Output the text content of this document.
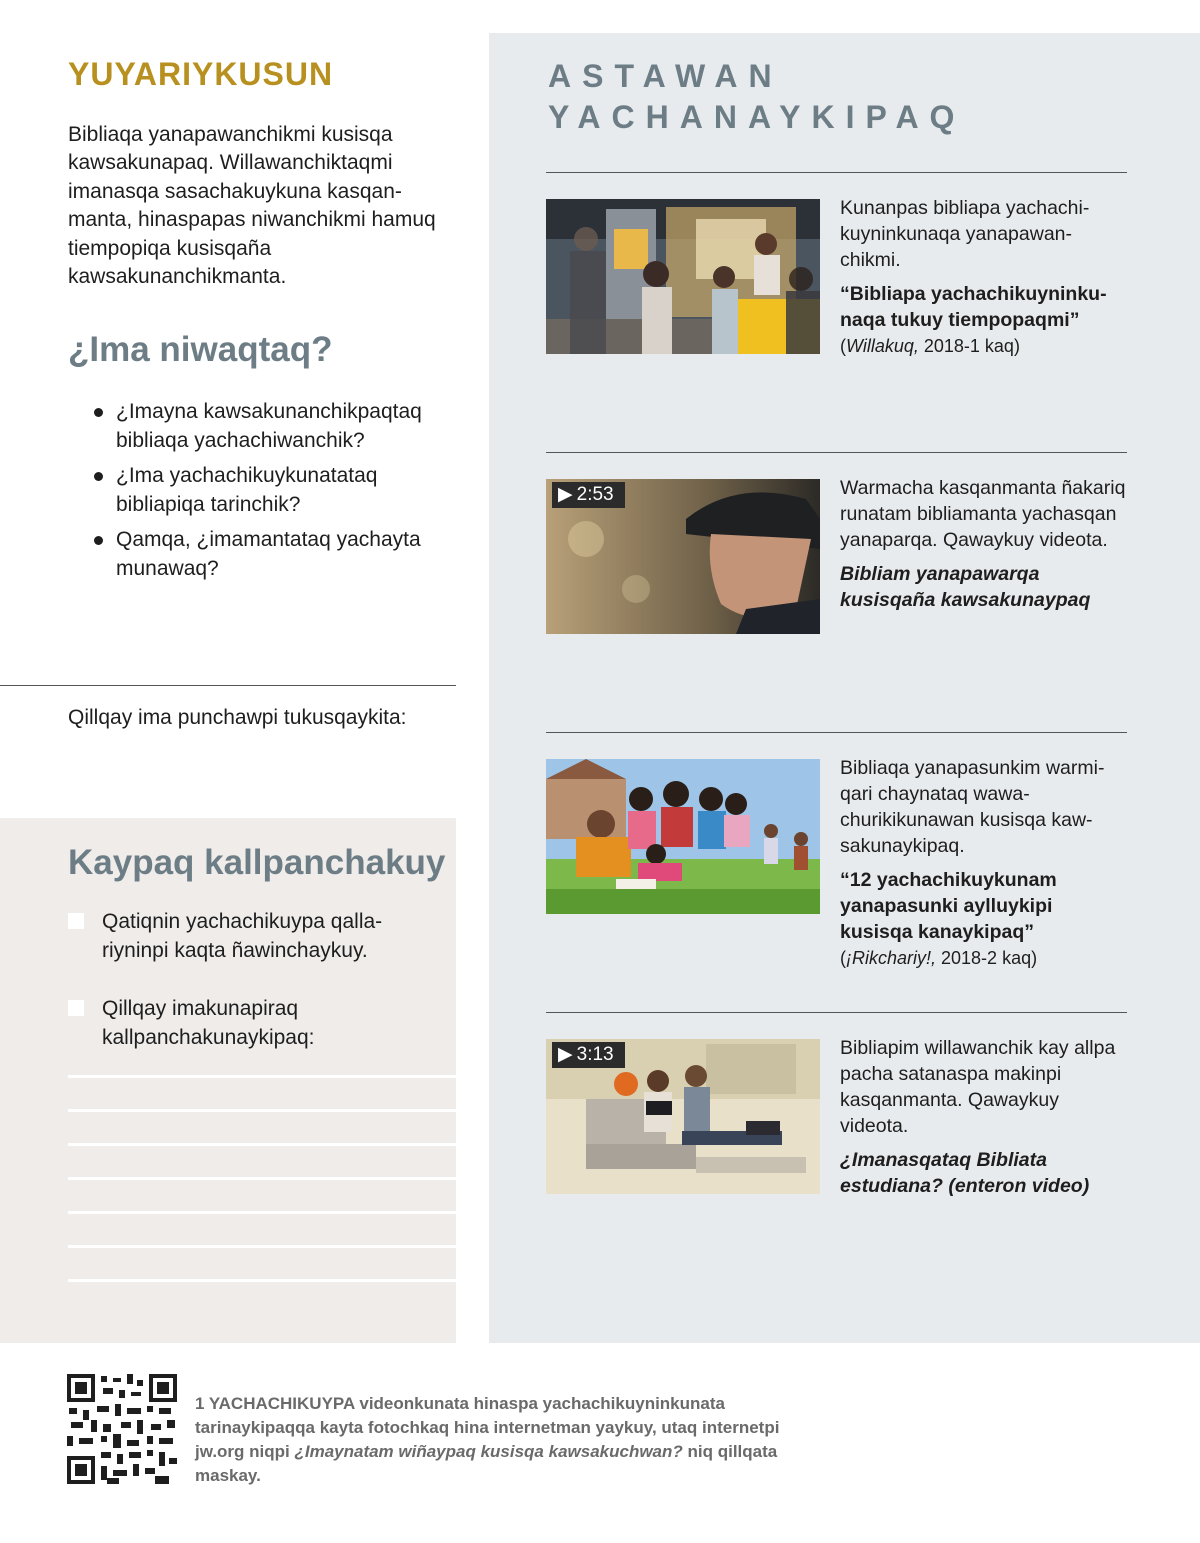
YUYARIYKUSUN

Bibliaqa yanapawanchikmi kusisqa kawsakunapaq. Willawanchiktaqmi imanasqa sasachakuykuna kasqan-manta, hinaspapas niwanchikmi hamuq tiempopiqa kusisqaña kawsakunanchikmanta.

¿Ima niwaqtaq?
¿Imayna kawsakunanchikpaqtaq bibliaqa yachachiwanchik?
¿Ima yachachikuykunatataq bibliapiqa tarinchik?
Qamqa, ¿imamantataq yachayta munawaq?
Qillqay ima punchawpi tukusqaykita:
Kaypaq kallpanchakuy
Qatiqnin yachachikuypa qalla-riyninpi kaqta ñawinchaykuy.
Qillqay imakunapiraq kallpanchakunaykipaq:
ASTAWAN
YACHANAYKIPAQ
Kunanpas bibliapa yachachi-kuyninkunaqa yanapawan-chikmi.
“Bibliapa yachachikuyninku-naqa tukuy tiempopaqmi”
(Willakuq, 2018-1 kaq)
▶ 2:53	Warmacha kasqanmanta ñakariq runatam bibliamanta yachasqan yanaparqa. Qawaykuy videota.
Bibliam yanapawarqa kusisqaña kawsakunaypaq
Bibliaqa yanapasunkim warmi-qari chaynataq wawa-churikikunawan kusisqa kaw-sakunaykipaq.
“12 yachachikuykunam yanapasunki aylluykipi kusisqa kanaykipaq”
(¡Rikchariy!, 2018-2 kaq)
▶ 3:13	Bibliapim willawanchik kay allpa pacha satanaspa makinpi kasqanmanta. Qawaykuy videota.
¿Imanasqataq Bibliata estudiana? (enteron video)
1 YACHACHIKUYPA videonkunata hinaspa yachachikuyninkunata tarinaykipaqqa kayta fotochkaq hina internetman yaykuy, utaq internetpi jw.org niqpi ¿Imaynatam wiñaypaq kusisqa kawsakuchwan? niq qillqata maskay.
